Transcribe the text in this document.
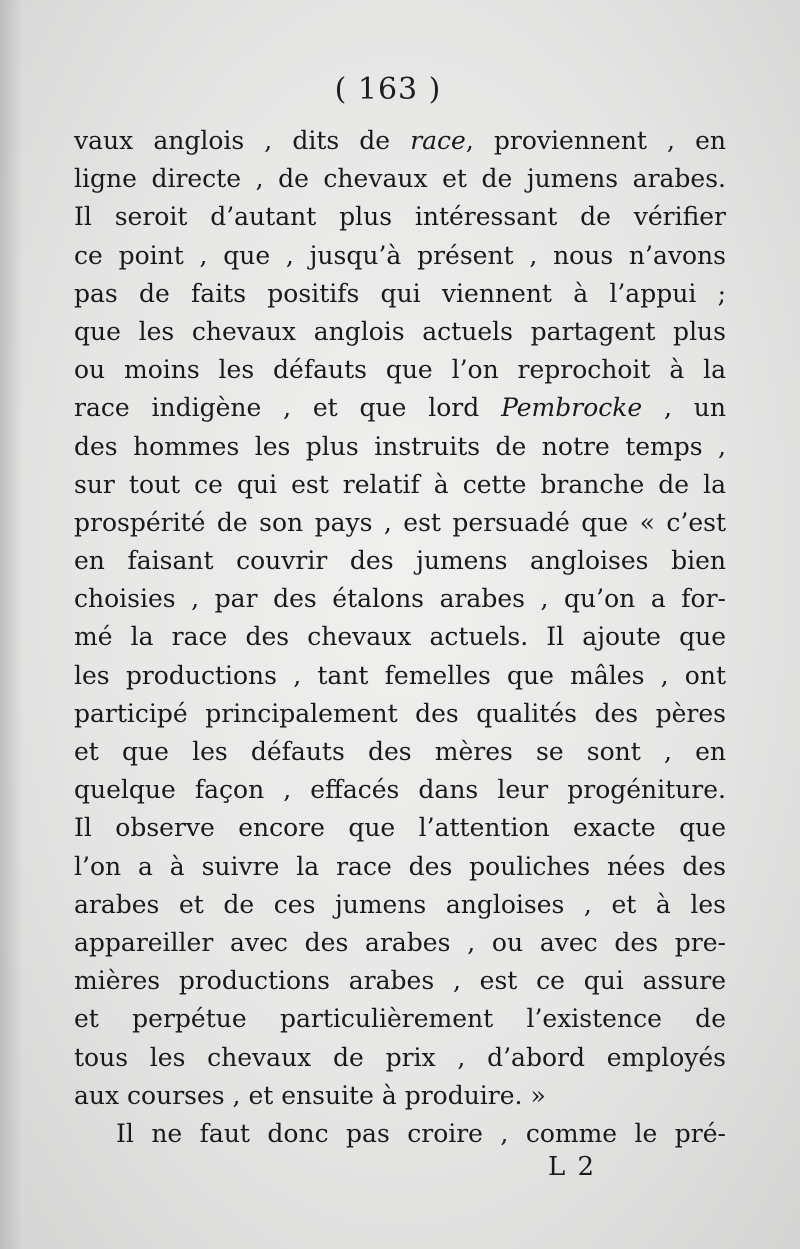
( 163 )
vaux anglois , dits de race, proviennent , en
ligne directe , de chevaux et de jumens arabes.
Il seroit d’autant plus intéressant de vérifier
ce point , que , jusqu’à présent , nous n’avons
pas de faits positifs qui viennent à l’appui ;
que les chevaux anglois actuels partagent plus
ou moins les défauts que l’on reprochoit à la
race indigène , et que lord Pembrocke , un
des hommes les plus instruits de notre temps ,
sur tout ce qui est relatif à cette branche de la
prospérité de son pays , est persuadé que « c’est
en faisant couvrir des jumens angloises bien
choisies , par des étalons arabes , qu’on a for-
mé la race des chevaux actuels. Il ajoute que
les productions , tant femelles que mâles , ont
participé principalement des qualités des pères
et que les défauts des mères se sont , en
quelque façon , effacés dans leur progéniture.
Il observe encore que l’attention exacte que
l’on a à suivre la race des pouliches nées des
arabes et de ces jumens angloises , et à les
appareiller avec des arabes , ou avec des pre-
mières productions arabes , est ce qui assure
et perpétue particulièrement l’existence de
tous les chevaux de prix , d’abord employés
aux courses , et ensuite à produire. »
Il ne faut donc pas croire , comme le pré-
L 2
